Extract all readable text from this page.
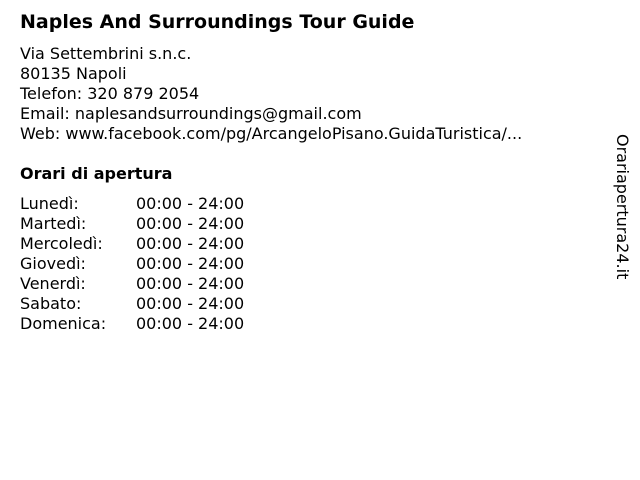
Naples And Surroundings Tour Guide
Via Settembrini s.n.c.
80135 Napoli
Telefon: 320 879 2054
Email: naplesandsurroundings@gmail.com
Web: www.facebook.com/pg/ArcangeloPisano.GuidaTuristica/...
Orari di apertura
Lunedì:	00:00 - 24:00
Martedì:	00:00 - 24:00
Mercoledì:	00:00 - 24:00
Giovedì:	00:00 - 24:00
Venerdì:	00:00 - 24:00
Sabato:	00:00 - 24:00
Domenica:	00:00 - 24:00
Orariapertura24.it
